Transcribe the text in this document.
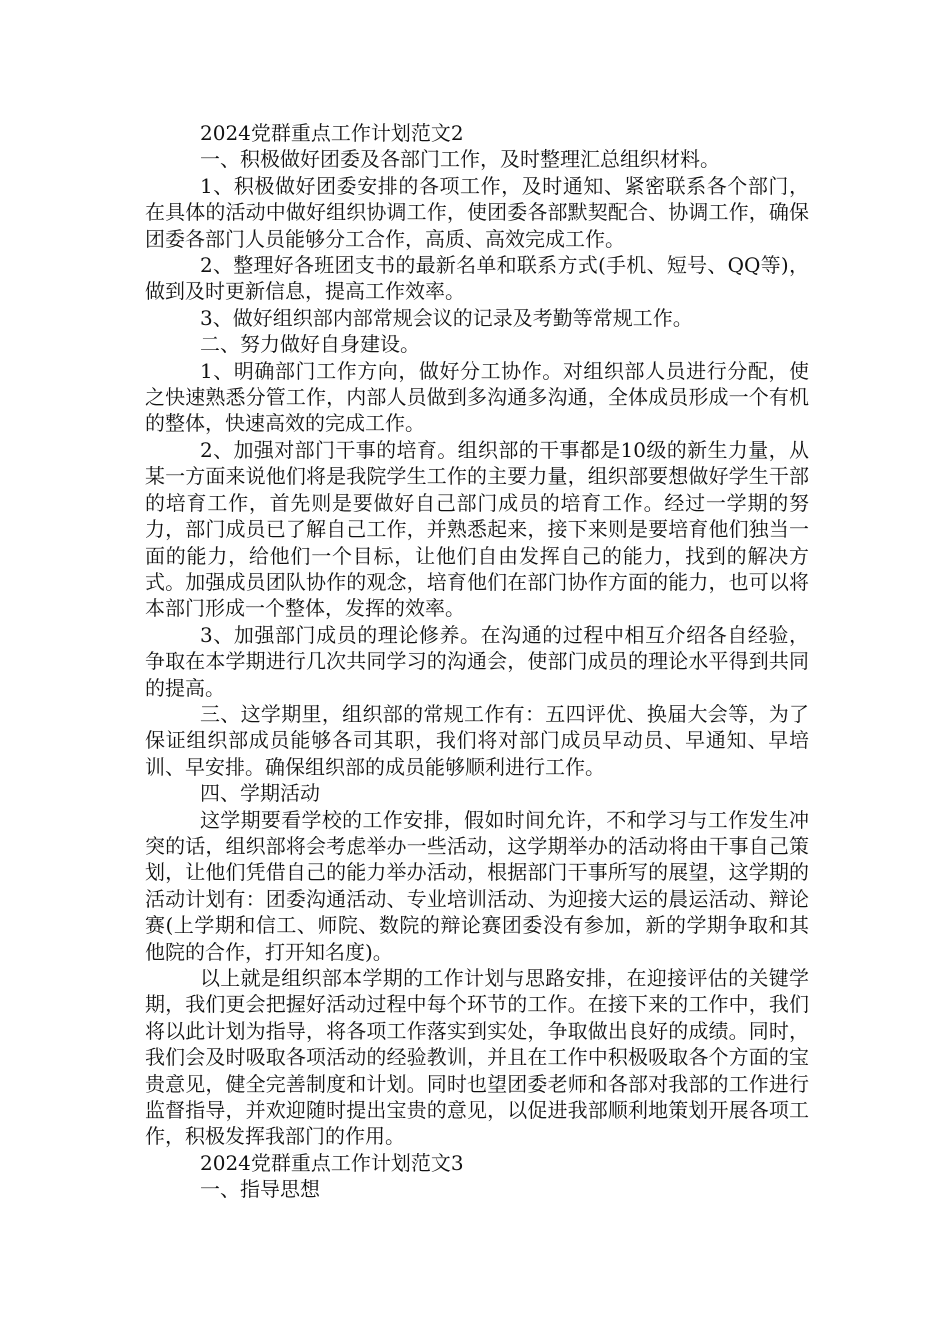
2024党群重点工作计划范文2

一、积极做好团委及各部门工作，及时整理汇总组织材料。

1、积极做好团委安排的各项工作，及时通知、紧密联系各个部门，在具体的活动中做好组织协调工作，使团委各部默契配合、协调工作，确保团委各部门人员能够分工合作，高质、高效完成工作。

2、整理好各班团支书的最新名单和联系方式(手机、短号、QQ等)，做到及时更新信息，提高工作效率。

3、做好组织部内部常规会议的记录及考勤等常规工作。

二、努力做好自身建设。

1、明确部门工作方向，做好分工协作。对组织部人员进行分配，使之快速熟悉分管工作，内部人员做到多沟通多沟通，全体成员形成一个有机的整体，快速高效的完成工作。

2、加强对部门干事的培育。组织部的干事都是10级的新生力量，从某一方面来说他们将是我院学生工作的主要力量，组织部要想做好学生干部的培育工作，首先则是要做好自己部门成员的培育工作。经过一学期的努力，部门成员已了解自己工作，并熟悉起来，接下来则是要培育他们独当一面的能力，给他们一个目标，让他们自由发挥自己的能力，找到的解决方式。加强成员团队协作的观念，培育他们在部门协作方面的能力，也可以将本部门形成一个整体，发挥的效率。

3、加强部门成员的理论修养。在沟通的过程中相互介绍各自经验，争取在本学期进行几次共同学习的沟通会，使部门成员的理论水平得到共同的提高。

三、这学期里，组织部的常规工作有：五四评优、换届大会等，为了保证组织部成员能够各司其职，我们将对部门成员早动员、早通知、早培训、早安排。确保组织部的成员能够顺利进行工作。

四、学期活动

这学期要看学校的工作安排，假如时间允许，不和学习与工作发生冲突的话，组织部将会考虑举办一些活动，这学期举办的活动将由干事自己策划，让他们凭借自己的能力举办活动，根据部门干事所写的展望，这学期的活动计划有：团委沟通活动、专业培训活动、为迎接大运的晨运活动、辩论赛(上学期和信工、师院、数院的辩论赛团委没有参加，新的学期争取和其他院的合作，打开知名度)。

以上就是组织部本学期的工作计划与思路安排，在迎接评估的关键学期，我们更会把握好活动过程中每个环节的工作。在接下来的工作中，我们将以此计划为指导，将各项工作落实到实处，争取做出良好的成绩。同时，我们会及时吸取各项活动的经验教训，并且在工作中积极吸取各个方面的宝贵意见，健全完善制度和计划。同时也望团委老师和各部对我部的工作进行监督指导，并欢迎随时提出宝贵的意见，以促进我部顺利地策划开展各项工作，积极发挥我部门的作用。

2024党群重点工作计划范文3

一、指导思想
